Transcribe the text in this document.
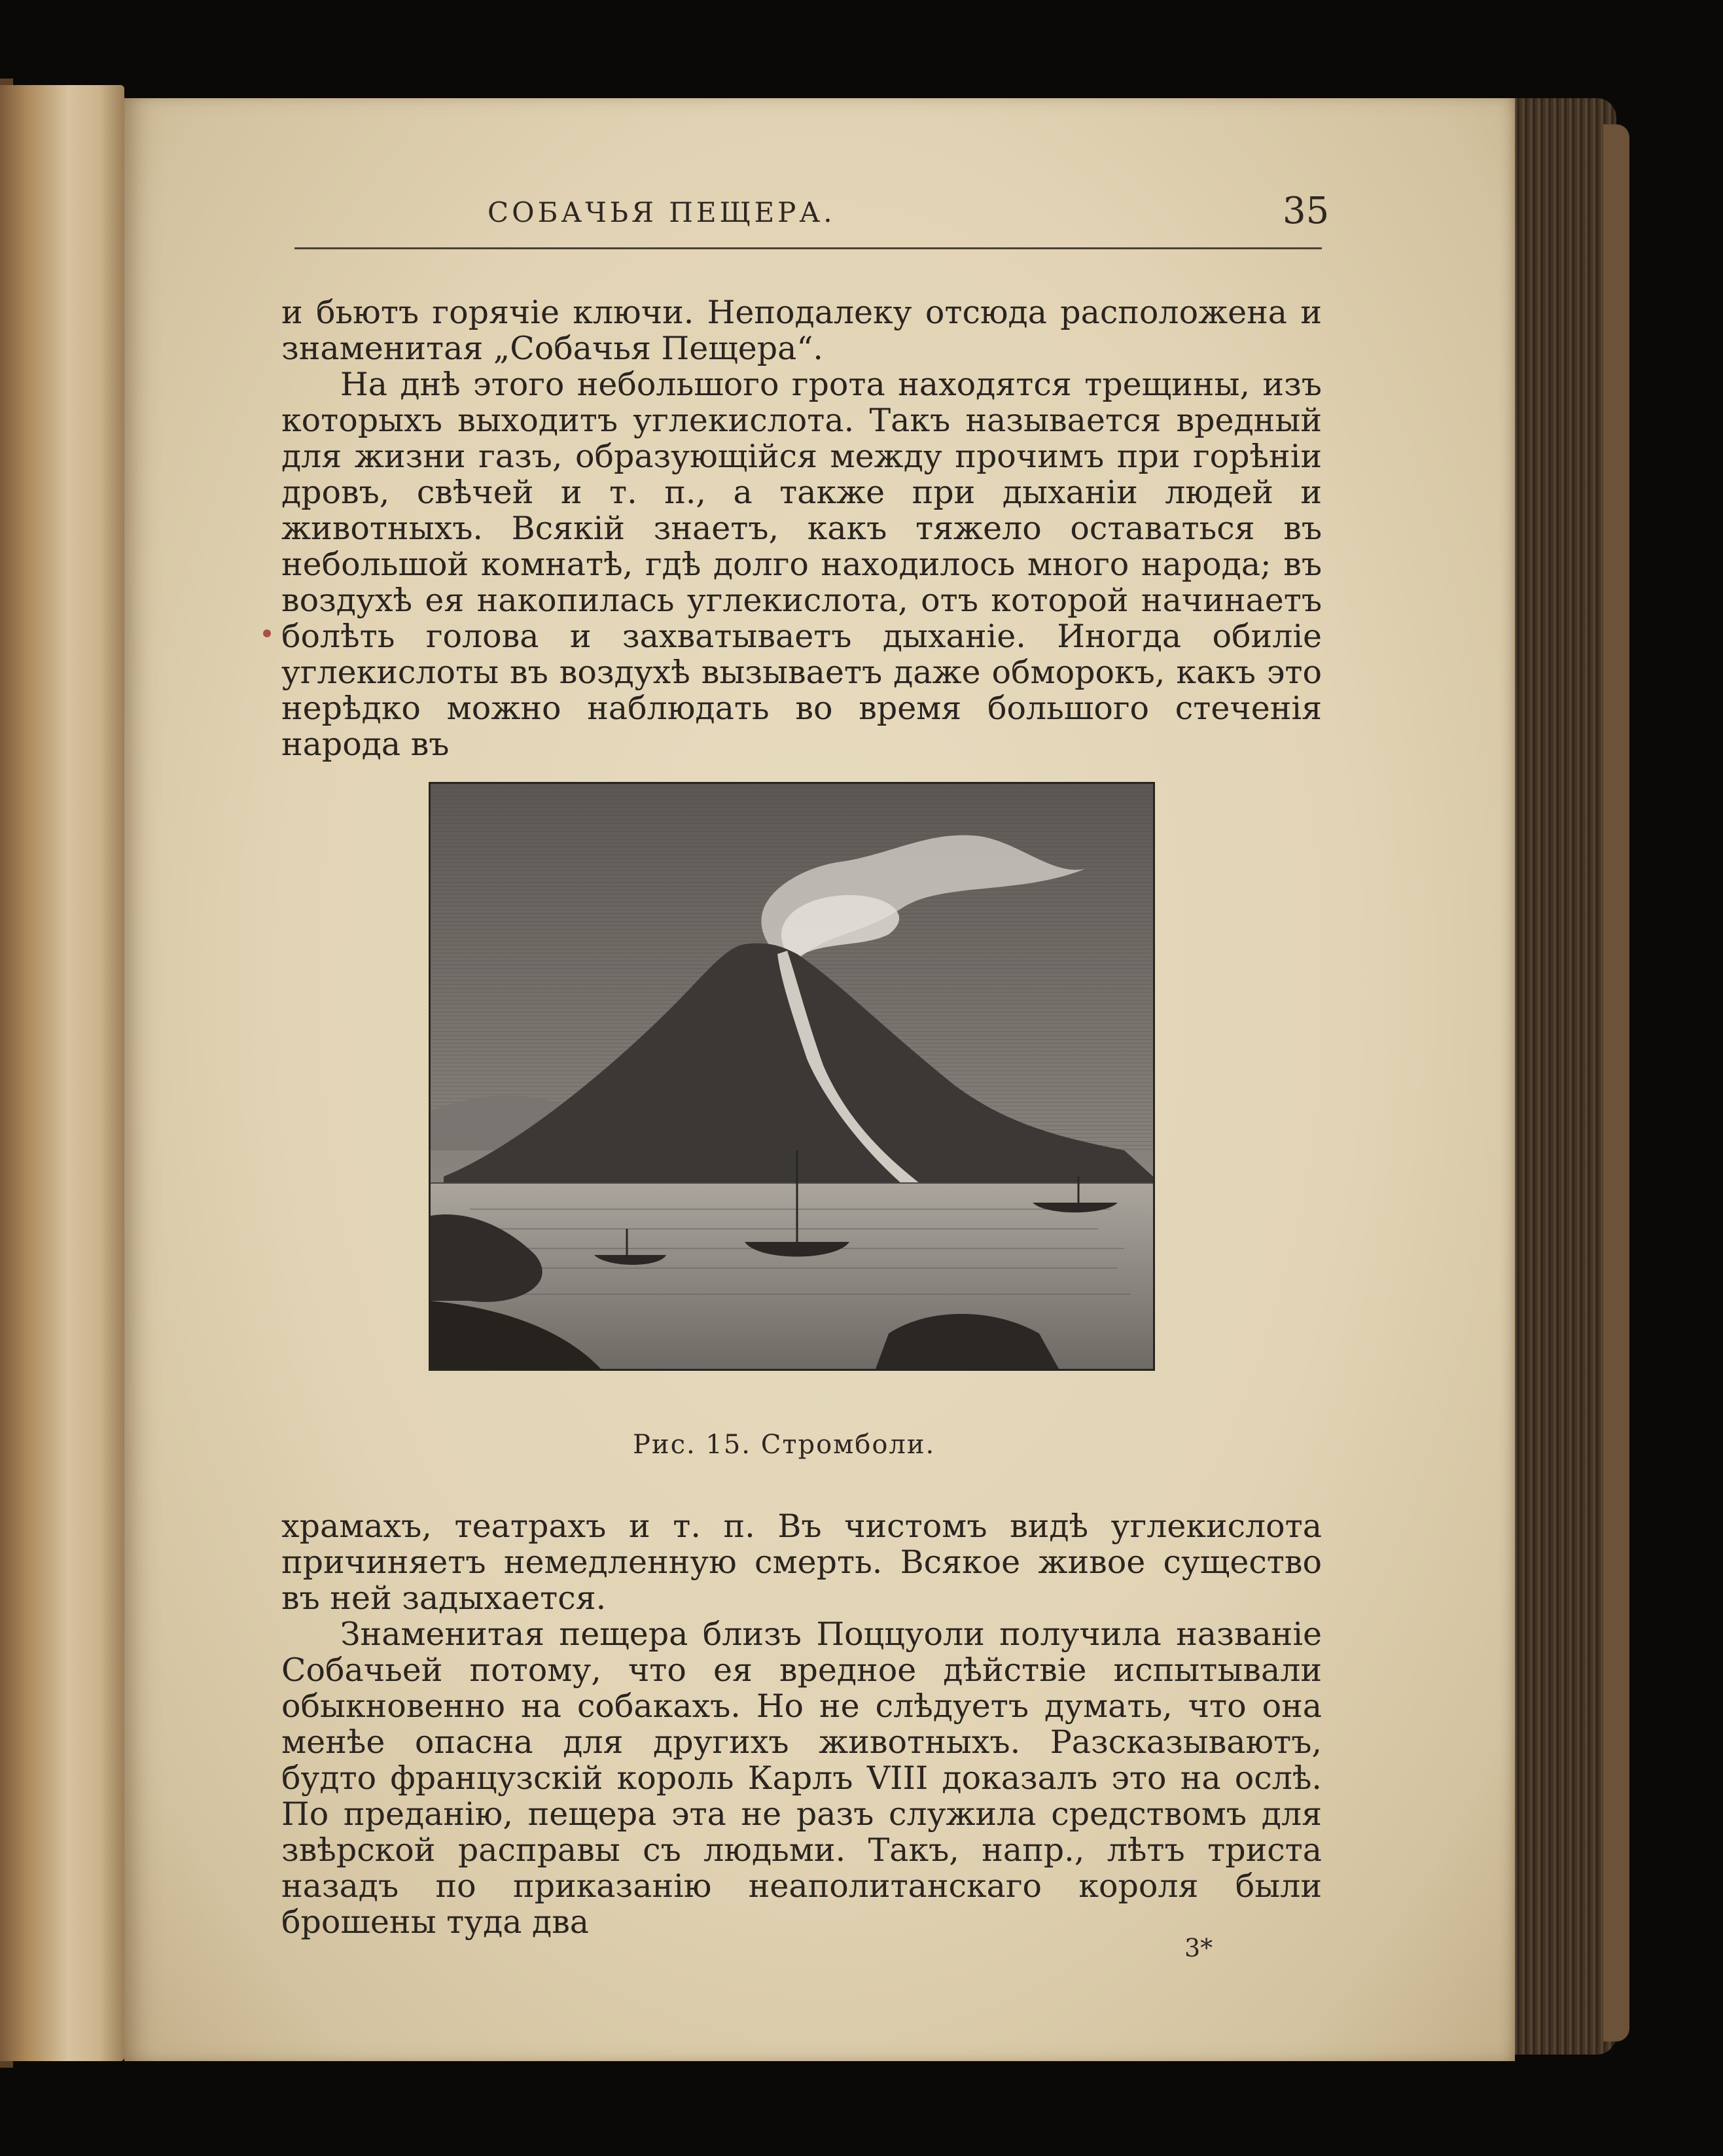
СОБАЧЬЯ ПЕЩЕРА.	35

и бьютъ горячіе ключи. Неподалеку отсюда расположена и знаменитая „Собачья Пещера“.

На днѣ этого небольшого грота находятся трещины, изъ которыхъ выходитъ углекислота. Такъ называется вредный для жизни газъ, образующійся между прочимъ при горѣніи дровъ, свѣчей и т. п., а также при дыханіи людей и животныхъ. Всякій знаетъ, какъ тяжело оставаться въ небольшой комнатѣ, гдѣ долго находилось много народа; въ воздухѣ ея накопилась углекислота, отъ которой начинаетъ болѣть голова и захватываетъ дыханіе. Иногда обиліе углекислоты въ воздухѣ вызываетъ даже обморокъ, какъ это нерѣдко можно наблюдать во время большого стеченія народа въ

Рис. 15. Стромболи.

храмахъ, театрахъ и т. п. Въ чистомъ видѣ углекислота причиняетъ немедленную смерть. Всякое живое существо въ ней задыхается.

Знаменитая пещера близъ Поццуоли получила названіе Собачьей потому, что ея вредное дѣйствіе испытывали обыкновенно на собакахъ. Но не слѣдуетъ думать, что она менѣе опасна для другихъ животныхъ. Разсказываютъ, будто французскій король Карлъ VIII доказалъ это на ослѣ. По преданію, пещера эта не разъ служила средствомъ для звѣрской расправы съ людьми. Такъ, напр., лѣтъ триста назадъ по приказанію неаполитанскаго короля были брошены туда два

3*
